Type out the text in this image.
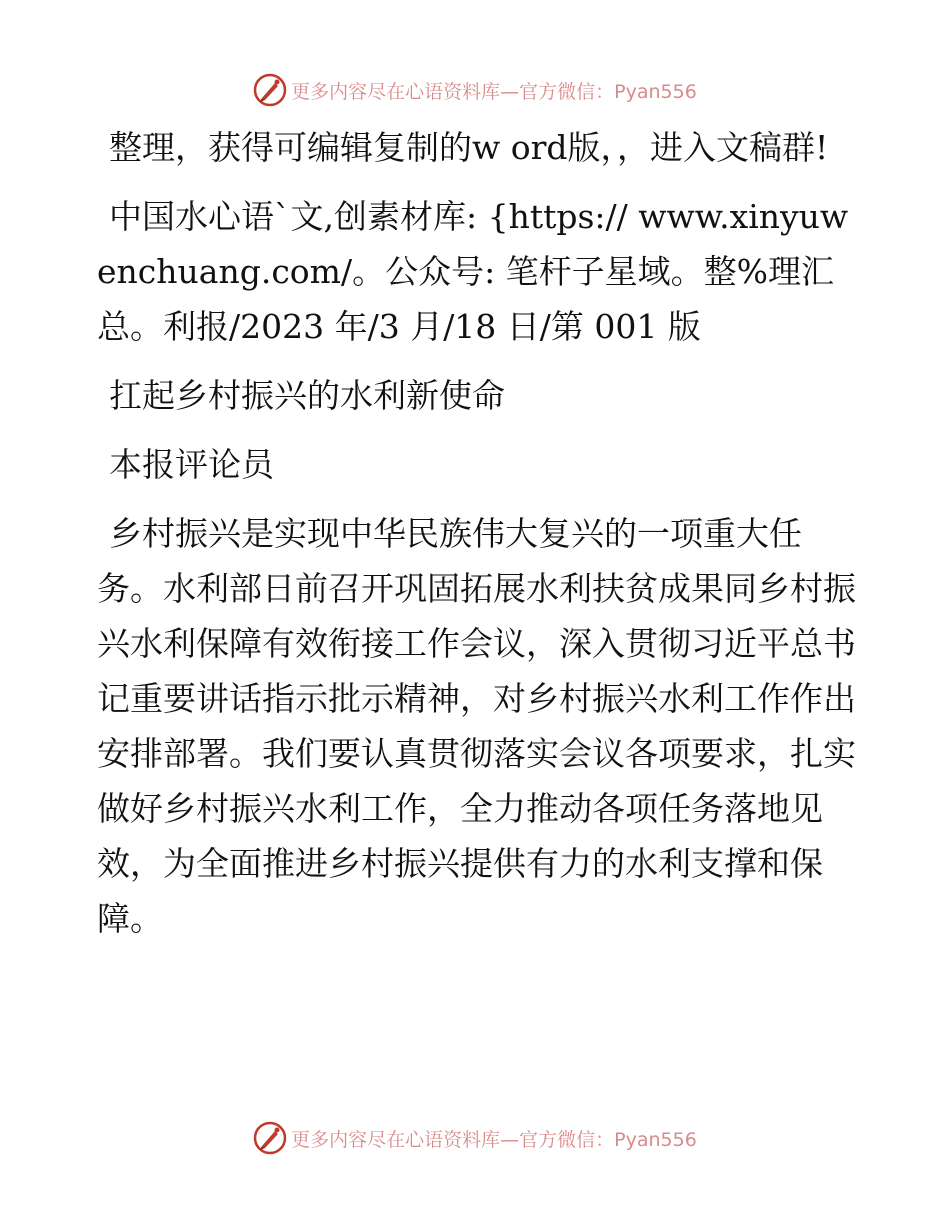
更多内容尽在心语资料库—官方微信：Pyan556

整理，获得可编辑复制的w ord版，，进入文稿群!

中国水心语`文,创素材库: {https:// www.xinyuwenchuang.com/。公众号: 笔杆子星域。整%理汇总。利报/2023 年/3 月/18 日/第 001 版

扛起乡村振兴的水利新使命

本报评论员

乡村振兴是实现中华民族伟大复兴的一项重大任务。水利部日前召开巩固拓展水利扶贫成果同乡村振兴水利保障有效衔接工作会议，深入贯彻习近平总书记重要讲话指示批示精神，对乡村振兴水利工作作出安排部署。我们要认真贯彻落实会议各项要求，扎实做好乡村振兴水利工作，全力推动各项任务落地见效，为全面推进乡村振兴提供有力的水利支撑和保障。

更多内容尽在心语资料库—官方微信：Pyan556
